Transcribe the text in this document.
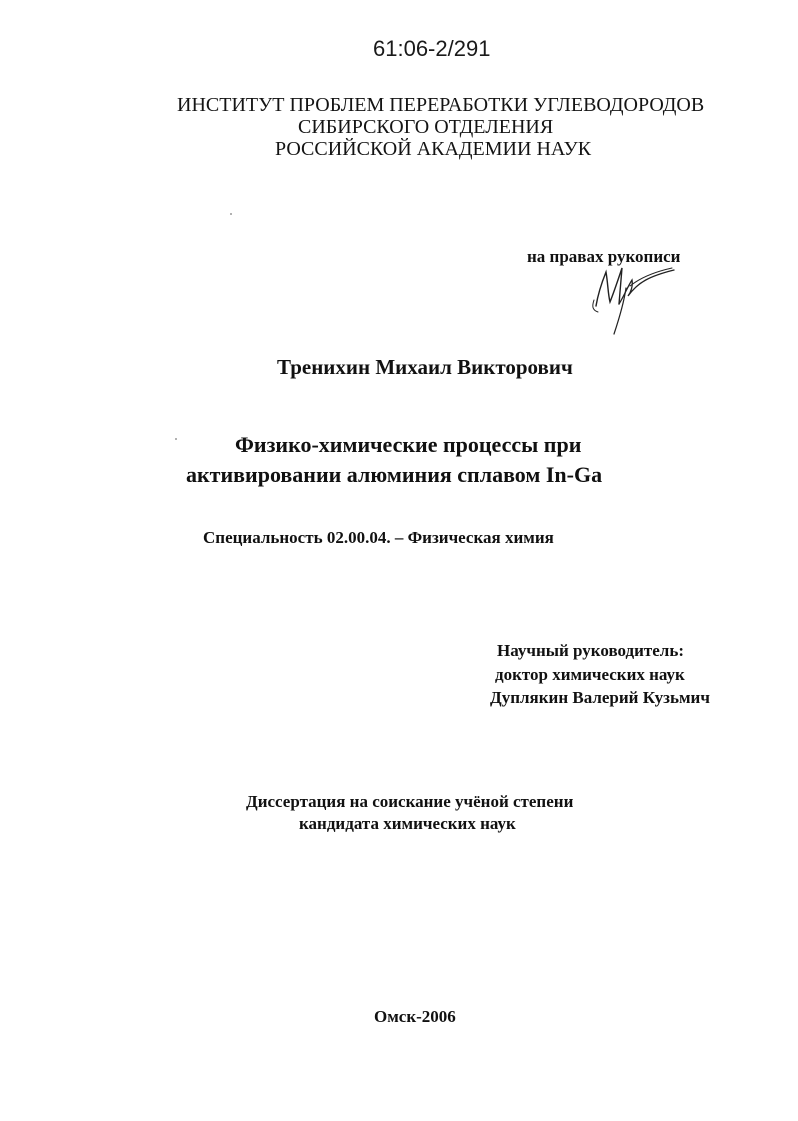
61:06-2/291
ИНСТИТУТ ПРОБЛЕМ ПЕРЕРАБОТКИ УГЛЕВОДОРОДОВ
СИБИРСКОГО ОТДЕЛЕНИЯ
РОССИЙСКОЙ АКАДЕМИИ НАУК
на правах рукописи
Тренихин Михаил Викторович
Физико-химические процессы при
активировании алюминия сплавом In-Ga
Специальность 02.00.04. – Физическая химия
Научный руководитель:
доктор химических наук
Дуплякин Валерий Кузьмич
Диссертация на соискание учёной степени
кандидата химических наук
Омск-2006
